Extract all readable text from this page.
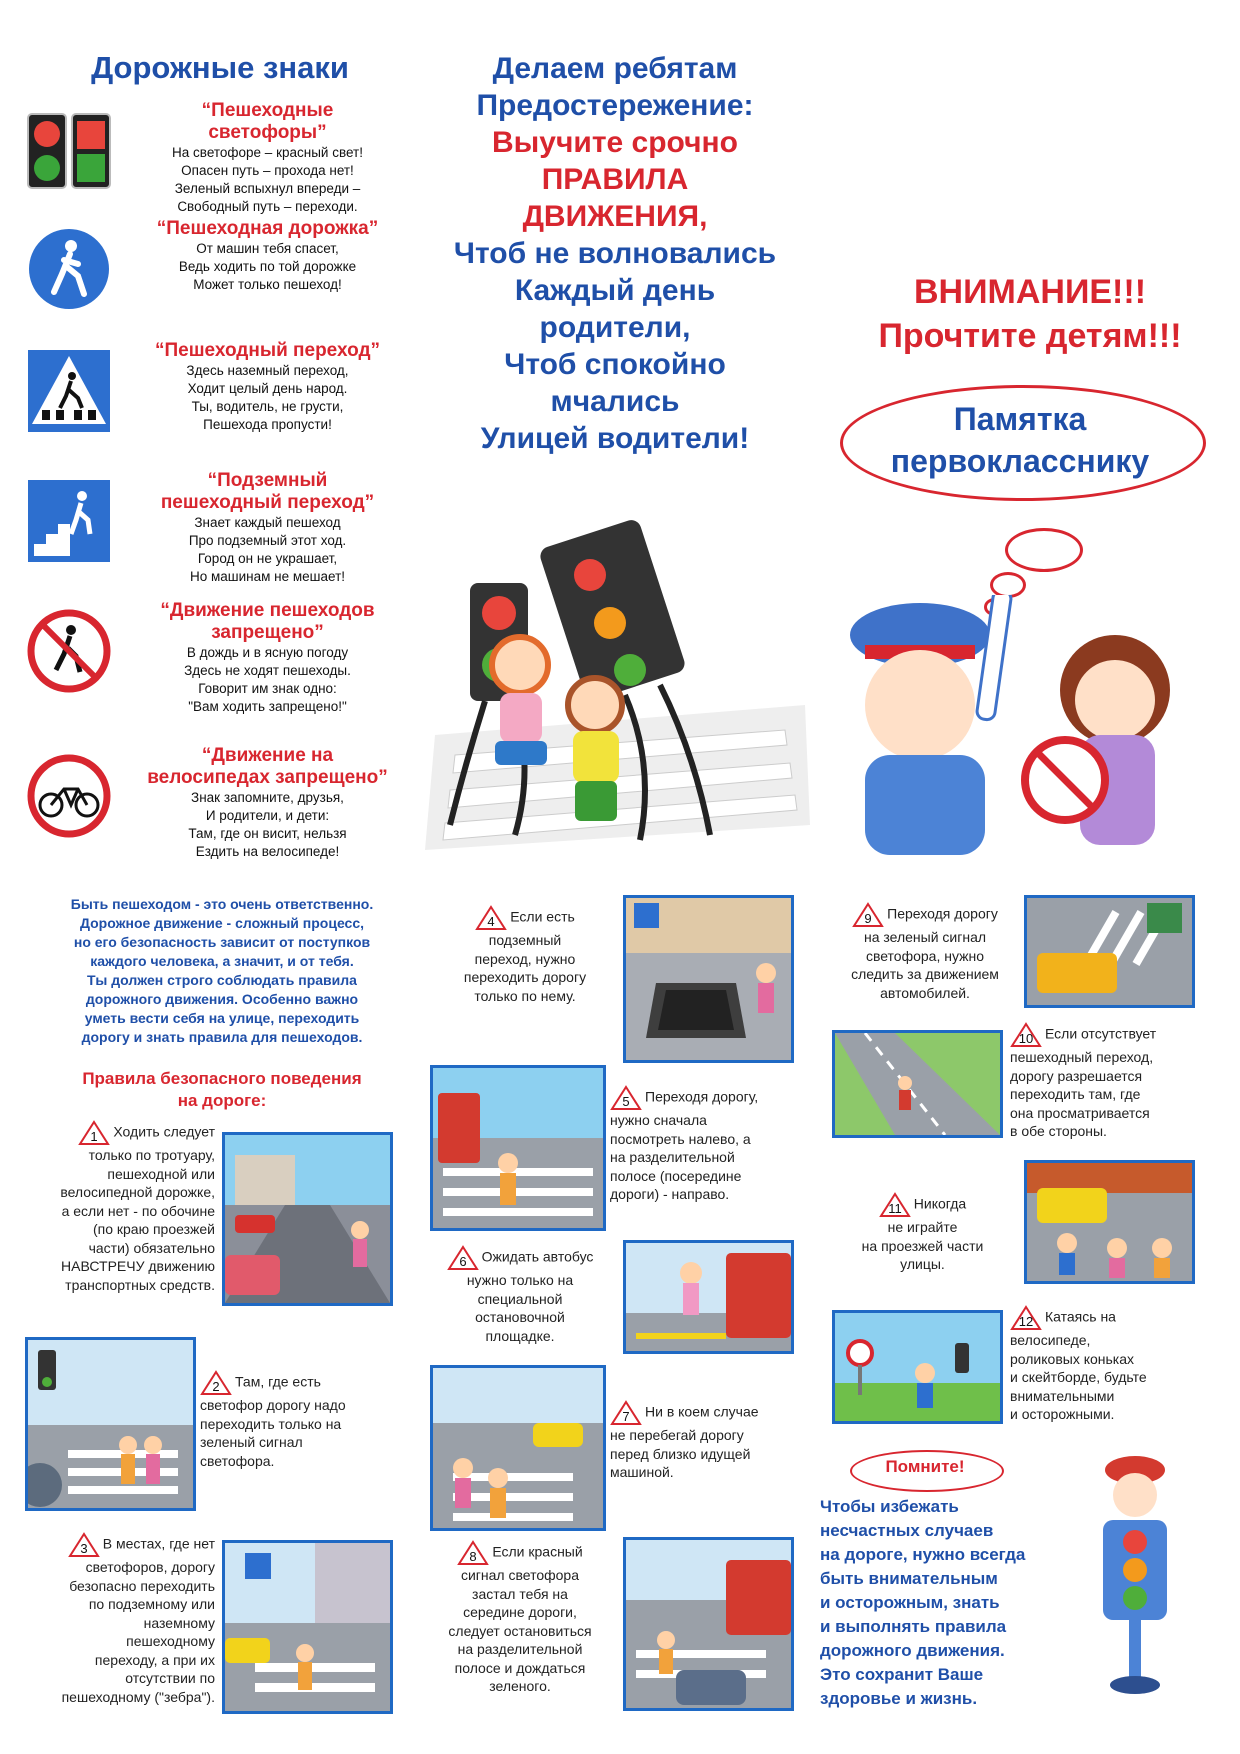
Дорожные знаки
“Пешеходные
светофоры”
На светофоре – красный свет!
Опасен путь – прохода нет!
Зеленый вспыхнул впереди –
Свободный путь – переходи.
“Пешеходная дорожка”
От машин тебя спасет,
Ведь ходить по той дорожке
Может только пешеход!
“Пешеходный переход”
Здесь наземный переход,
Ходит целый день народ.
Ты, водитель, не грусти,
Пешехода пропусти!
“Подземный
пешеходный переход”
Знает каждый пешеход
Про подземный этот ход.
Город он не украшает,
Но машинам не мешает!
“Движение пешеходов
запрещено”
В дождь и в ясную погоду
Здесь не ходят пешеходы.
Говорит им знак одно:
"Вам ходить запрещено!"
“Движение на
велосипедах запрещено”
Знак запомните, друзья,
И родители, и дети:
Там, где он висит, нельзя
Ездить на велосипеде!
Делаем ребятам
Предостережение:
Выучите срочно
ПРАВИЛА
ДВИЖЕНИЯ,
Чтоб не волновались
Каждый день
родители,
Чтоб спокойно
мчались
Улицей водители!
ВНИМАНИЕ!!!
Прочтите детям!!!
Памятка
первокласснику
Быть пешеходом - это очень ответственно.
Дорожное движение - сложный процесс,
но его безопасность зависит от поступков
каждого человека, а значит, и от тебя.
Ты должен строго соблюдать правила
дорожного движения. Особенно важно
уметь вести себя на улице, переходить
дорогу и знать правила для пешеходов.
Правила безопасного поведения
на дороге:
1 Ходить следует
только по тротуару,
пешеходной или
велосипедной дорожке,
а если нет - по обочине
(по краю проезжей
части) обязательно
НАВСТРЕЧУ движению
транспортных средств.
2 Там, где есть
светофор дорогу надо
переходить только на
зеленый сигнал
светофора.
3 В местах, где нет
светофоров, дорогу
безопасно переходить
по подземному или
наземному
пешеходному
переходу, а при их
отсутствии по
пешеходному ("зебра").
4 Если есть
подземный
переход, нужно
переходить дорогу
только по нему.
5 Переходя дорогу,
нужно сначала
посмотреть налево, а
на разделительной
полосе (посередине
дороги) - направо.
6 Ожидать автобус
нужно только на
специальной
остановочной
площадке.
7 Ни в коем случае
не перебегай дорогу
перед близко идущей
машиной.
8 Если красный
сигнал светофора
застал тебя на
середине дороги,
следует остановиться
на разделительной
полосе и дождаться
зеленого.
9 Переходя дорогу
на зеленый сигнал
светофора, нужно
следить за движением
автомобилей.
10 Если отсутствует
пешеходный переход,
дорогу разрешается
переходить там, где
она просматривается
в обе стороны.
11 Никогда
не играйте
на проезжей части
улицы.
12 Катаясь на
велосипеде,
роликовых коньках
и скейтборде, будьте
внимательными
и осторожными.
Помните!
Чтобы избежать
несчастных случаев
на дороге, нужно всегда
быть внимательным
и осторожным, знать
и выполнять правила
дорожного движения.
Это сохранит Ваше
здоровье и жизнь.
